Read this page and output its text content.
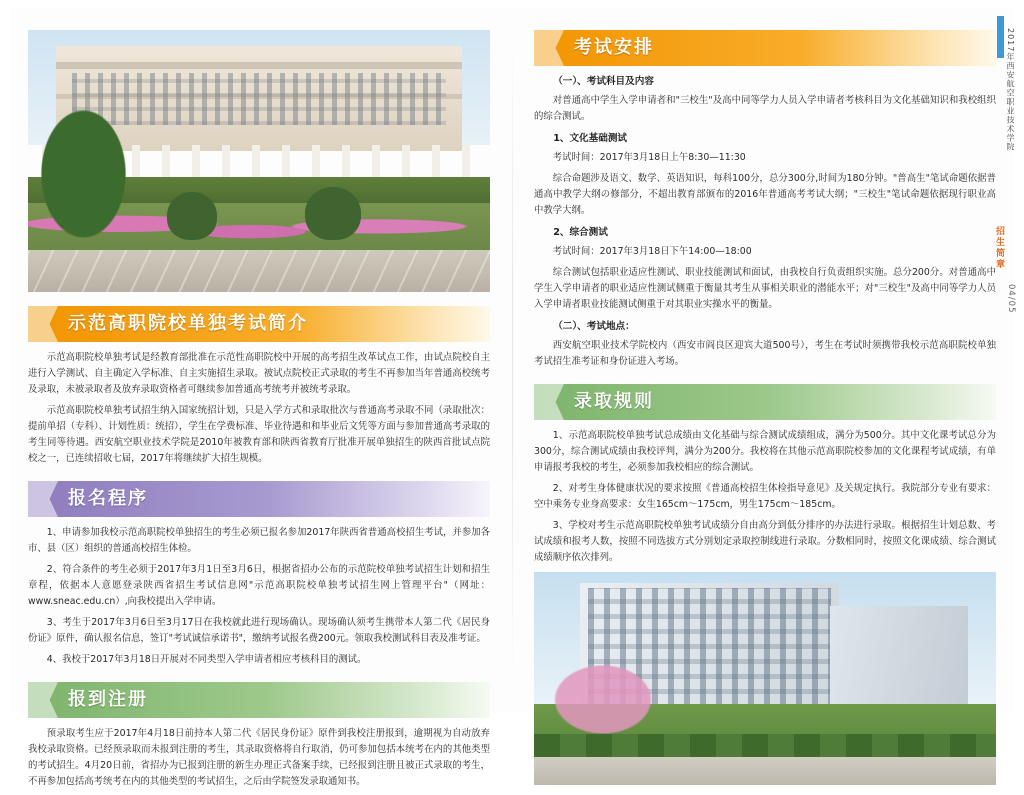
示范高职院校单独考试简介

示范高职院校单独考试是经教育部批准在示范性高职院校中开展的高考招生改革试点工作，由试点院校自主进行入学测试、自主确定入学标准、自主实施招生录取。被试点院校正式录取的考生不再参加当年普通高校统考及录取，未被录取者及放弃录取资格者可继续参加普通高考统考并被统考录取。

示范高职院校单独考试招生纳入国家统招计划，只是入学方式和录取批次与普通高考录取不同（录取批次：提前单招（专科）、计划性质：统招），学生在学费标准、毕业待遇和和毕业后文凭等方面与参加普通高考录取的考生同等待遇。西安航空职业技术学院是2010年被教育部和陕西省教育厅批准开展单独招生的陕西首批试点院校之一，已连续招收七届，2017年将继续扩大招生规模。

报名程序

1、申请参加我校示范高职院校单独招生的考生必须已报名参加2017年陕西省普通高校招生考试，并参加各市、县（区）组织的普通高校招生体检。

2、符合条件的考生必须于2017年3月1日至3月6日，根据省招办公布的示范院校单独考试招生计划和招生章程，依据本人意愿登录陕西省招生考试信息网"示范高职院校单独考试招生网上管理平台"（网址：www.sneac.edu.cn）,向我校提出入学申请。

3、考生于2017年3月6日至3月17日在我校就此进行现场确认。现场确认须考生携带本人第二代《居民身份证》原件，确认报名信息，签订"考试诚信承诺书"，缴纳考试报名费200元。领取我校测试科目表及准考证。

4、我校于2017年3月18日开展对不同类型入学申请者相应考核科目的测试。

报到注册

预录取考生应于2017年4月18日前持本人第二代《居民身份证》原件到我校注册报到，逾期视为自动放弃我校录取资格。已经预录取而未报到注册的考生，其录取资格将自行取消，仍可参加包括本统考在内的其他类型的考试招生。4月20日前，省招办为已报到注册的新生办理正式备案手续，已经报到注册且被正式录取的考生，不再参加包括高考统考在内的其他类型的考试招生，之后由学院签发录取通知书。

考试安排
（一）、考试科目及内容

对普通高中学生入学申请者和"三校生"及高中同等学力人员入学申请者考核科目为文化基础知识和我校组织的综合测试。

1、文化基础测试

考试时间：2017年3月18日上午8:30—11:30

综合命题涉及语文、数学、英语知识，每科100分，总分300分,时间为180分钟。"普高生"笔试命题依据普通高中教学大纲の修部分，不超出教育部颁布的2016年普通高考考试大纲；"三校生"笔试命题依据现行职业高中教学大纲。

2、综合测试

考试时间：2017年3月18日下午14:00—18:00

综合测试包括职业适应性测试、职业技能测试和面试，由我校自行负责组织实施。总分200分。对普通高中学生入学申请者的职业适应性测试侧重于衡量其考生从事相关职业的潜能水平；对"三校生"及高中同等学力人员入学申请者职业技能测试侧重于对其职业实操水平的衡量。

（二）、考试地点：

西安航空职业技术学院校内（西安市阎良区迎宾大道500号），考生在考试时须携带我校示范高职院校单独考试招生准考证和身份证进入考场。

录取规则

1、示范高职院校单独考试总成绩由文化基础与综合测试成绩组成，满分为500分。其中文化课考试总分为300分，综合测试成绩由我校评判，满分为200分。我校将在其他示范高职院校参加的文化课程考试成绩，有单申请报考我校的考生，必须参加我校相应的综合测试。

2、对考生身体健康状况的要求按照《普通高校招生体检指导意见》及关规定执行。我院部分专业有要求：空中乘务专业身高要求：女生165cm～175cm，男生175cm～185cm。

3、学校对考生示范高职院校单独考试成绩分自由高分到低分排序的办法进行录取。根据招生计划总数、考试成绩和报考人数，按照不同选拔方式分别划定录取控制线进行录取。分数相同时，按照文化课成绩、综合测试成绩顺序依次排列。

2017年西安航空职业技术学院
招生简章
04/05
